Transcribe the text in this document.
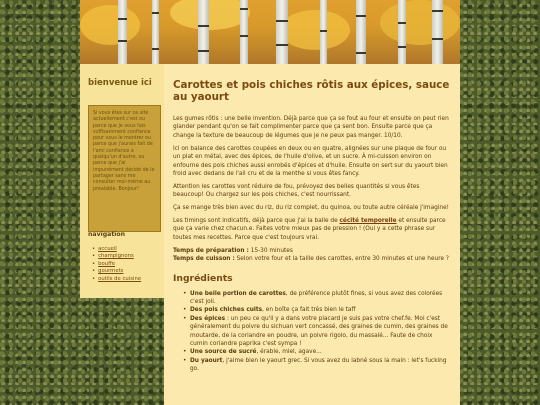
bienvenue ici
Si vous êtes sur ce site actuellement c'est ou parce que je vous fais suffisamment confiance pour vous le montrer ou parce que j'aurais fait de l'ami confiance à quelqu'un d'autre, ou parce que j'ai impunément décidé de le partager sans me consulter moi-même au préalable. Bonjour!
navigation
• accueil
• champignons
• bouffe
• gourmets
• outils de cuisine
Carottes et pois chiches rôtis aux épices, sauce au yaourt

Les gumes rôtis : une belle invention. Déjà parce que ça se fout au four et ensuite on peut rien glander pendant qu'on se fait complimenter parce que ça sent bon. Ensuite parce que ça change la texture de beaucoup de légumes que je ne peux pas manger. 10/10.

Ici on balance des carottes coupées en deux ou en quatre, alignées sur une plaque de four ou un plat en métal, avec des épices, de l'huile d'olive, et un sucre. À mi-cuisson environ on enfourne des pois chiches aussi enrobés d'épices et d'huile. Ensuite on sert sur du yaourt bien froid avec dedans de l'ail cru et de la menthe si vous êtes fancy.

Attention les carottes vont réduire de fou, prévoyez des belles quantités si vous êtes beaucoup! Ou chargez sur les pois chiches, c'est nourrissant.

Ça se mange très bien avec du riz, du riz complet, du quinoa, ou toute autre céréale j'imagine!

Les timings sont indicatifs, déjà parce que j'ai la balle de cécité temporelle et ensuite parce que ça varie chez chacun.e. Faites votre mieux pas de pression ! (Oui y a cette phrase sur toutes mes recettes. Parce que c'est toujours vrai.

Temps de préparation : 15-30 minutes

Temps de cuisson : Selon votre four et la taille des carottes, entre 30 minutes et une heure ?

Ingrédients
• Une belle portion de carottes, de préférence plutôt fines, si vous avez des colorées c'est joli.
• Des pois chiches cuits, en boîte ça fait très bien le taff
• Des épices : un peu ce qu'il y a dans votre placard je suis pas votre chef.fe. Moi c'est généralement du poivre du sichuan vert concassé, des graines de cumin, des graines de moutarde, de la coriandre en poudre, un poivre rigolo, du massalé... Faute de choix cumin coriandre paprika c'est sympa !
• Une source de sucré, érable, miel, agave...
• Du yaourt, j'aime bien le yaourt grec. Si vous avez du labné sous la main : let's fucking go.
